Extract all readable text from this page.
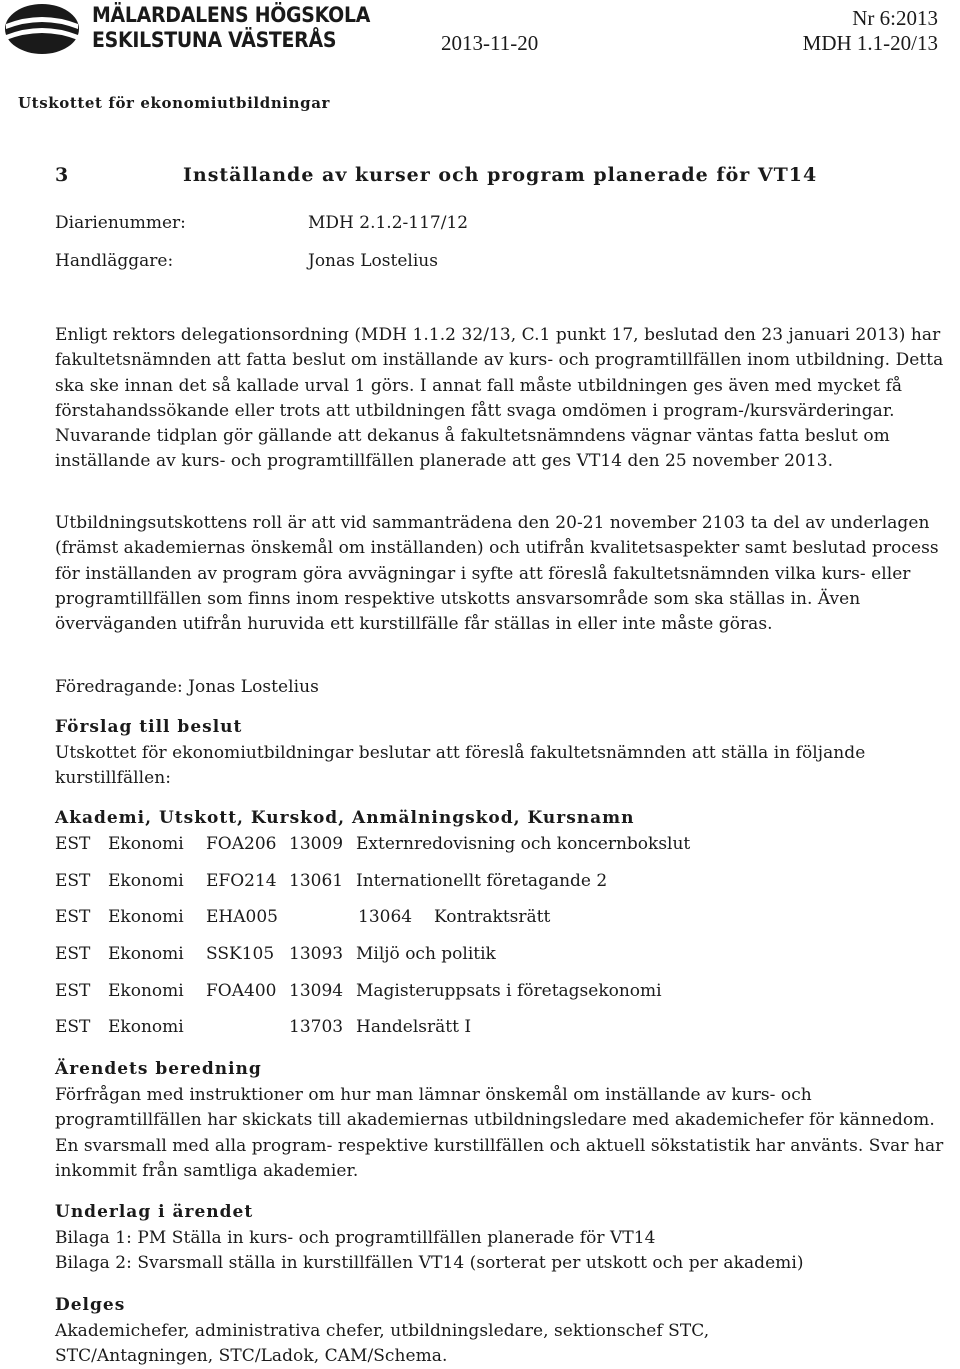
MÄLARDALENS HÖGSKOLA
ESKILSTUNA VÄSTERÅS	2013-11-20
Nr 6:2013
MDH 1.1-20/13
Utskottet för ekonomiutbildningar
3	Inställande av kurser och program planerade för VT14
Diarienummer:	MDH 2.1.2-117/12
Handläggare:	Jonas Lostelius

Enligt rektors delegationsordning (MDH 1.1.2 32/13, C.1 punkt 17, beslutad den 23 januari 2013) har fakultetsnämnden att fatta beslut om inställande av kurs- och programtillfällen inom utbildning. Detta ska ske innan det så kallade urval 1 görs. I annat fall måste utbildningen ges även med mycket få förstahandssökande eller trots att utbildningen fått svaga omdömen i program-/kursvärderingar. Nuvarande tidplan gör gällande att dekanus å fakultetsnämndens vägnar väntas fatta beslut om inställande av kurs- och programtillfällen planerade att ges VT14 den 25 november 2013.

Utbildningsutskottens roll är att vid sammanträdena den 20-21 november 2103 ta del av underlagen (främst akademiernas önskemål om inställanden) och utifrån kvalitetsaspekter samt beslutad process för inställanden av program göra avvägningar i syfte att föreslå fakultetsnämnden vilka kurs- eller programtillfällen som finns inom respektive utskotts ansvarsområde som ska ställas in. Även överväganden utifrån huruvida ett kurstillfälle får ställas in eller inte måste göras.

Föredragande: Jonas Lostelius
Förslag till beslut
Utskottet för ekonomiutbildningar beslutar att föreslå fakultetsnämnden att ställa in följande kurstillfällen:
Akademi, Utskott, Kurskod, Anmälningskod, Kursnamn
EST Ekonomi FOA206 13009 Externredovisning och koncernbokslut
EST Ekonomi EFO214 13061 Internationellt företagande 2
EST Ekonomi EHA005	13064 Kontraktsrätt
EST Ekonomi SSK105 13093 Miljö och politik
EST Ekonomi FOA400 13094 Magisteruppsats i företagsekonomi
EST Ekonomi	13703 Handelsrätt I
Ärendets beredning
Förfrågan med instruktioner om hur man lämnar önskemål om inställande av kurs- och programtillfällen har skickats till akademiernas utbildningsledare med akademichefer för kännedom. En svarsmall med alla program- respektive kurstillfällen och aktuell sökstatistik har använts. Svar har inkommit från samtliga akademier.
Underlag i ärendet
Bilaga 1: PM Ställa in kurs- och programtillfällen planerade för VT14
Bilaga 2: Svarsmall ställa in kurstillfällen VT14 (sorterat per utskott och per akademi)
Delges
Akademichefer, administrativa chefer, utbildningsledare, sektionschef STC,
STC/Antagningen, STC/Ladok, CAM/Schema.
